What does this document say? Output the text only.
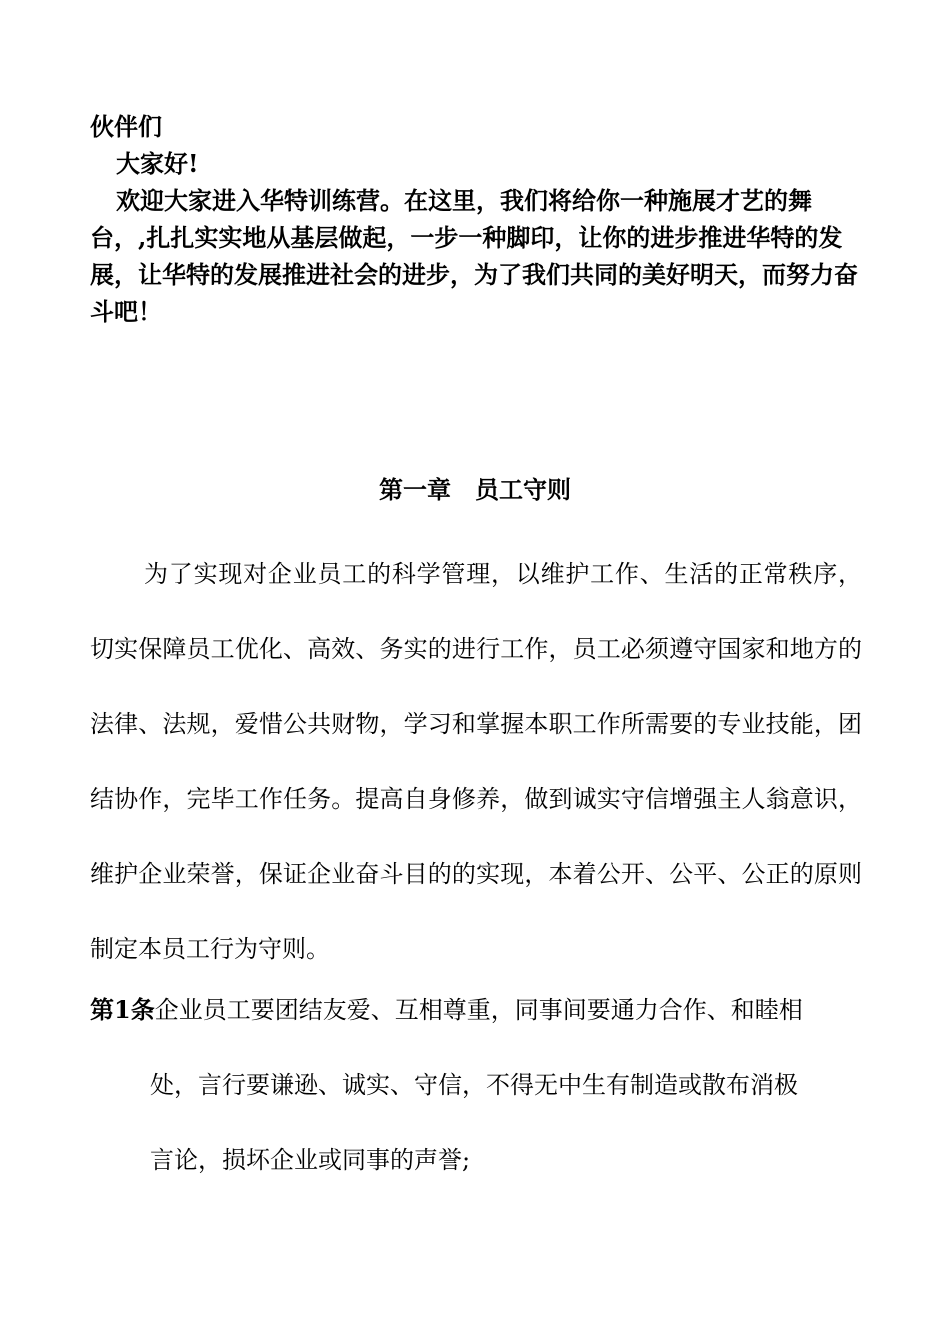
伙伴们

大家好!

欢迎大家进入华特训练营。在这里，我们将给你一种施展才艺的舞台，,扎扎实实地从基层做起，一步一种脚印，让你的进步推进华特的发展，让华特的发展推进社会的进步，为了我们共同的美好明天，而努力奋斗吧！

第一章 员工守则

为了实现对企业员工的科学管理，以维护工作、生活的正常秩序，切实保障员工优化、高效、务实的进行工作，员工必须遵守国家和地方的法律、法规，爱惜公共财物，学习和掌握本职工作所需要的专业技能，团结协作，完毕工作任务。提高自身修养，做到诚实守信增强主人翁意识，维护企业荣誉，保证企业奋斗目的的实现，本着公开、公平、公正的原则制定本员工行为守则。

第1条企业员工要团结友爱、互相尊重，同事间要通力合作、和睦相
处，言行要谦逊、诚实、守信，不得无中生有制造或散布消极
言论，损坏企业或同事的声誉;
